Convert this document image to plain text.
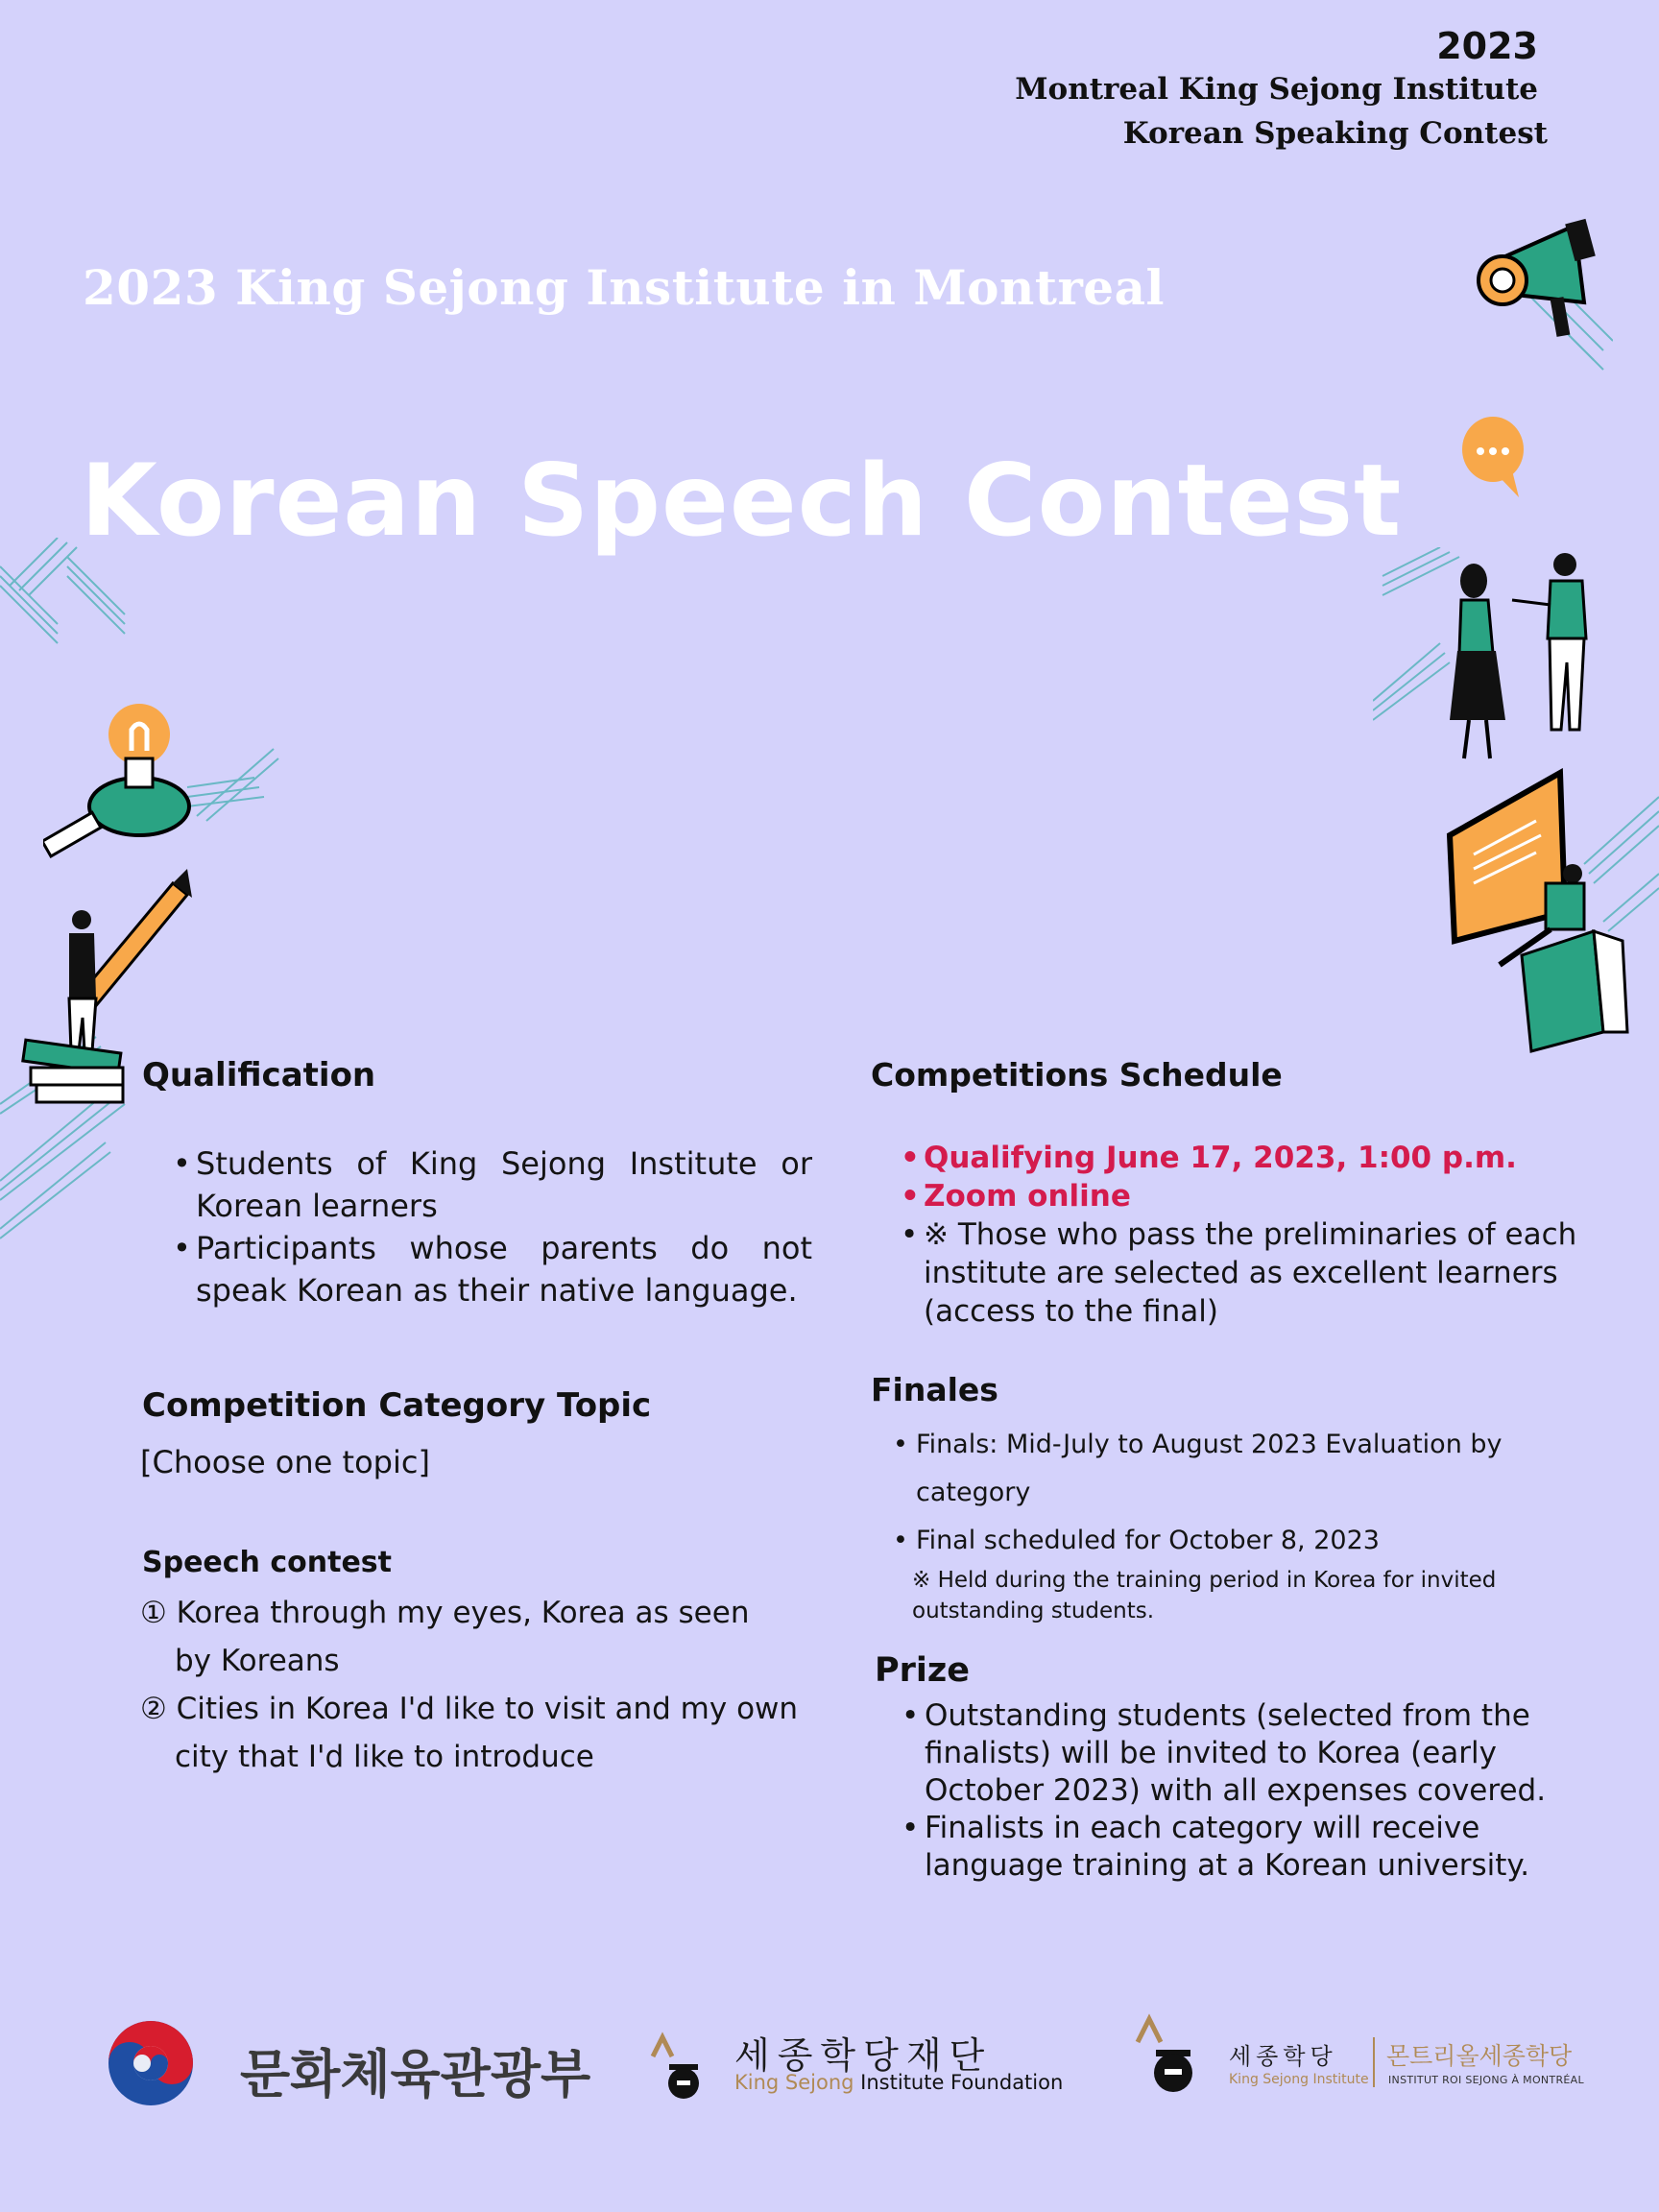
2023
Montreal King Sejong Institute
Korean Speaking Contest
2023 King Sejong Institute in Montreal
Korean Speech Contest
Qualification
• Students of King Sejong Institute or Korean learners
• Participants whose parents do not speak Korean as their native language.
Competition Category Topic
[Choose one topic]
Speech contest
① Korea through my eyes, Korea as seen by Koreans
② Cities in Korea I'd like to visit and my own city that I'd like to introduce
Competitions Schedule
• Qualifying June 17, 2023, 1:00 p.m.
• Zoom online
• ※ Those who pass the preliminaries of each institute are selected as excellent learners (access to the final)
Finales
• Finals: Mid-July to August 2023 Evaluation by category
• Final scheduled for October 8, 2023
※ Held during the training period in Korea for invited outstanding students.
Prize
• Outstanding students (selected from the finalists) will be invited to Korea (early October 2023) with all expenses covered.
• Finalists in each category will receive language training at a Korean university.
문화체육관광부	세종학당재단
King Sejong Institute Foundation
세종학당
King Sejong Institute
몬트리올세종학당
INSTITUT ROI SEJONG À MONTRÉAL
